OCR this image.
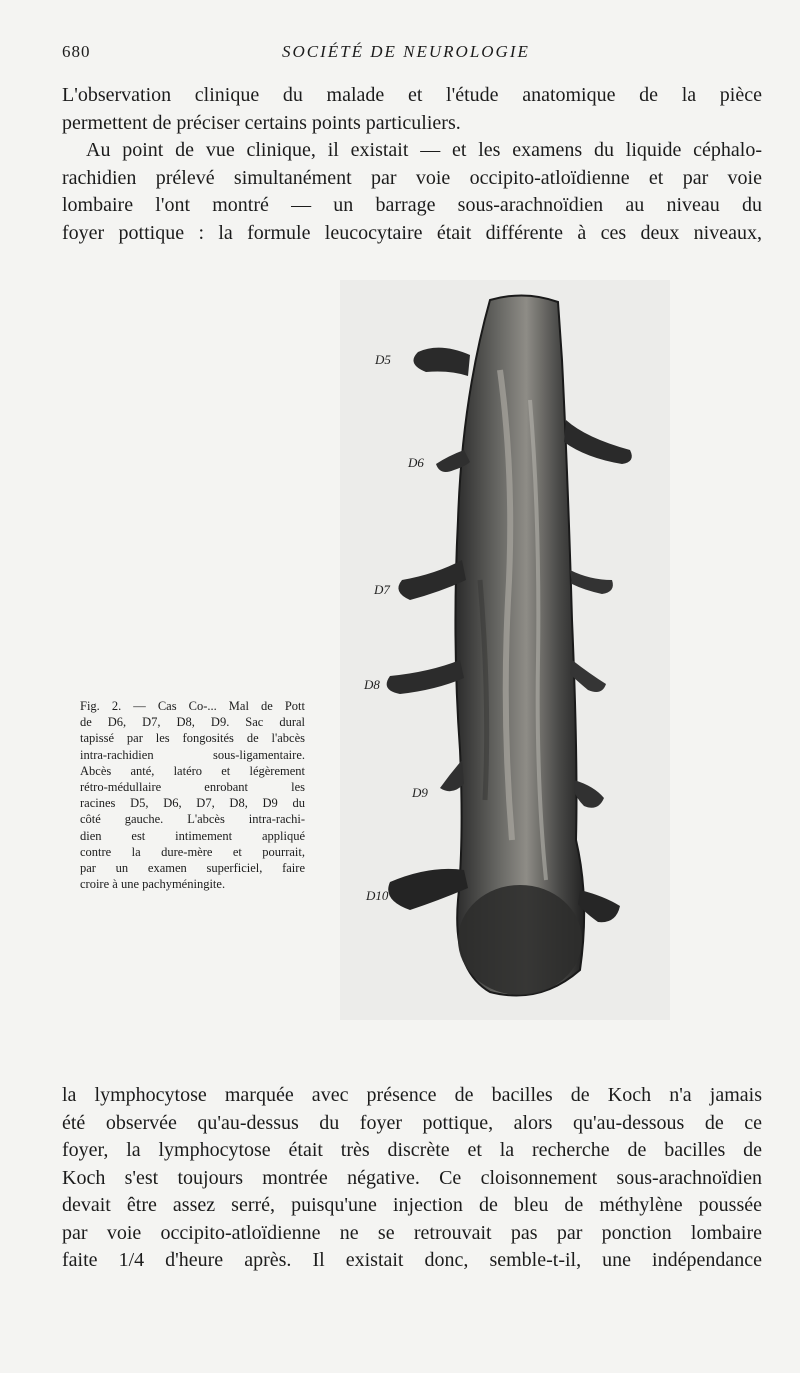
680	SOCIÉTÉ DE NEUROLOGIE
L'observation clinique du malade et l'étude anatomique de la pièce
permettent de préciser certains points particuliers.
Au point de vue clinique, il existait — et les examens du liquide céphalo-
rachidien prélevé simultanément par voie occipito-atloïdienne et par voie
lombaire l'ont montré — un barrage sous-arachnoïdien au niveau du
foyer pottique : la formule leucocytaire était différente à ces deux niveaux,
D5
D6
D7
D8
D9
D10
Fig. 2. — Cas Co-... Mal de Pott
de D6, D7, D8, D9. Sac dural
tapissé par les fongosités de l'abcès
intra-rachidien sous-ligamentaire.
Abcès anté, latéro et légèrement
rétro-médullaire enrobant les
racines D5, D6, D7, D8, D9 du
côté gauche. L'abcès intra-rachi-
dien est intimement appliqué
contre la dure-mère et pourrait,
par un examen superficiel, faire
croire à une pachyméningite.
la lymphocytose marquée avec présence de bacilles de Koch n'a jamais
été observée qu'au-dessus du foyer pottique, alors qu'au-dessous de ce
foyer, la lymphocytose était très discrète et la recherche de bacilles de
Koch s'est toujours montrée négative. Ce cloisonnement sous-arachnoïdien
devait être assez serré, puisqu'une injection de bleu de méthylène poussée
par voie occipito-atloïdienne ne se retrouvait pas par ponction lombaire
faite 1/4 d'heure après. Il existait donc, semble-t-il, une indépendance
